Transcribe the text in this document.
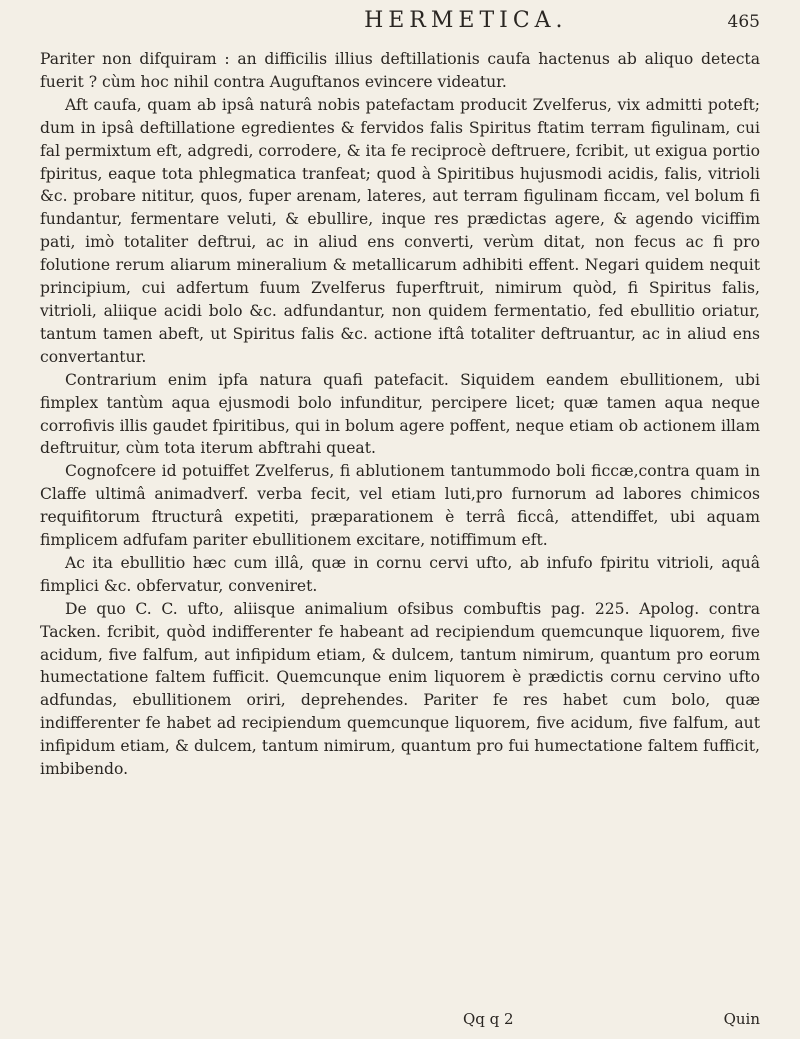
HERMETICA.	465

Pariter non difquiram : an difficilis illius deftillationis caufa hactenus ab aliquo detecta fuerit ? cùm hoc nihil contra Auguftanos evincere videatur.

Aft caufa, quam ab ipsâ naturâ nobis patefactam producit Zvelferus, vix admitti poteft; dum in ipsâ deftillatione egredientes & fervidos falis Spiritus ftatim terram figulinam, cui fal permixtum eft, adgredi, corrodere, & ita fe reciprocè deftruere, fcribit, ut exigua portio fpiritus, eaque tota phlegmatica tranfeat; quod à Spiritibus hujusmodi acidis, falis, vitrioli &c. probare nititur, quos, fuper arenam, lateres, aut terram figulinam ficcam, vel bolum fi fundantur, fermentare veluti, & ebullire, inque res prædictas agere, & agendo viciffim pati, imò totaliter deftrui, ac in aliud ens converti, verùm ditat, non fecus ac fi pro folutione rerum aliarum mineralium & metallicarum adhibiti effent. Negari quidem nequit principium, cui adfertum fuum Zvelferus fuperftruit, nimirum quòd, fi Spiritus falis, vitrioli, aliique acidi bolo &c. adfundantur, non quidem fermentatio, fed ebullitio oriatur, tantum tamen abeft, ut Spiritus falis &c. actione iftâ totaliter deftruantur, ac in aliud ens convertantur.

Contrarium enim ipfa natura quafi patefacit. Siquidem eandem ebullitionem, ubi fimplex tantùm aqua ejusmodi bolo infunditur, percipere licet; quæ tamen aqua neque corrofivis illis gaudet fpiritibus, qui in bolum agere poffent, neque etiam ob actionem illam deftruitur, cùm tota iterum abftrahi queat.

Cognofcere id potuiffet Zvelferus, fi ablutionem tantummodo boli ficcæ,contra quam in Claffe ultimâ animadverf. verba fecit, vel etiam luti,pro furnorum ad labores chimicos requifitorum ftructurâ expetiti, præparationem è terrâ ficcâ, attendiffet, ubi aquam fimplicem adfufam pariter ebullitionem excitare, notiffimum eft.

Ac ita ebullitio hæc cum illâ, quæ in cornu cervi ufto, ab infufo fpiritu vitrioli, aquâ fimplici &c. obfervatur, conveniret.

De quo C. C. ufto, aliisque animalium ofsibus combuftis pag. 225. Apolog. contra Tacken. fcribit, quòd indifferenter fe habeant ad recipiendum quemcunque liquorem, five acidum, five falfum, aut infipidum etiam, & dulcem, tantum nimirum, quantum pro eorum humectatione faltem fufficit. Quemcunque enim liquorem è prædictis cornu cervino ufto adfundas, ebullitionem oriri, deprehendes. Pariter fe res habet cum bolo, quæ indifferenter fe habet ad recipiendum quemcunque liquorem, five acidum, five falfum, aut infipidum etiam, & dulcem, tantum nimirum, quantum pro fui humectatione faltem fufficit, imbibendo.

Qq q 2	Quin
